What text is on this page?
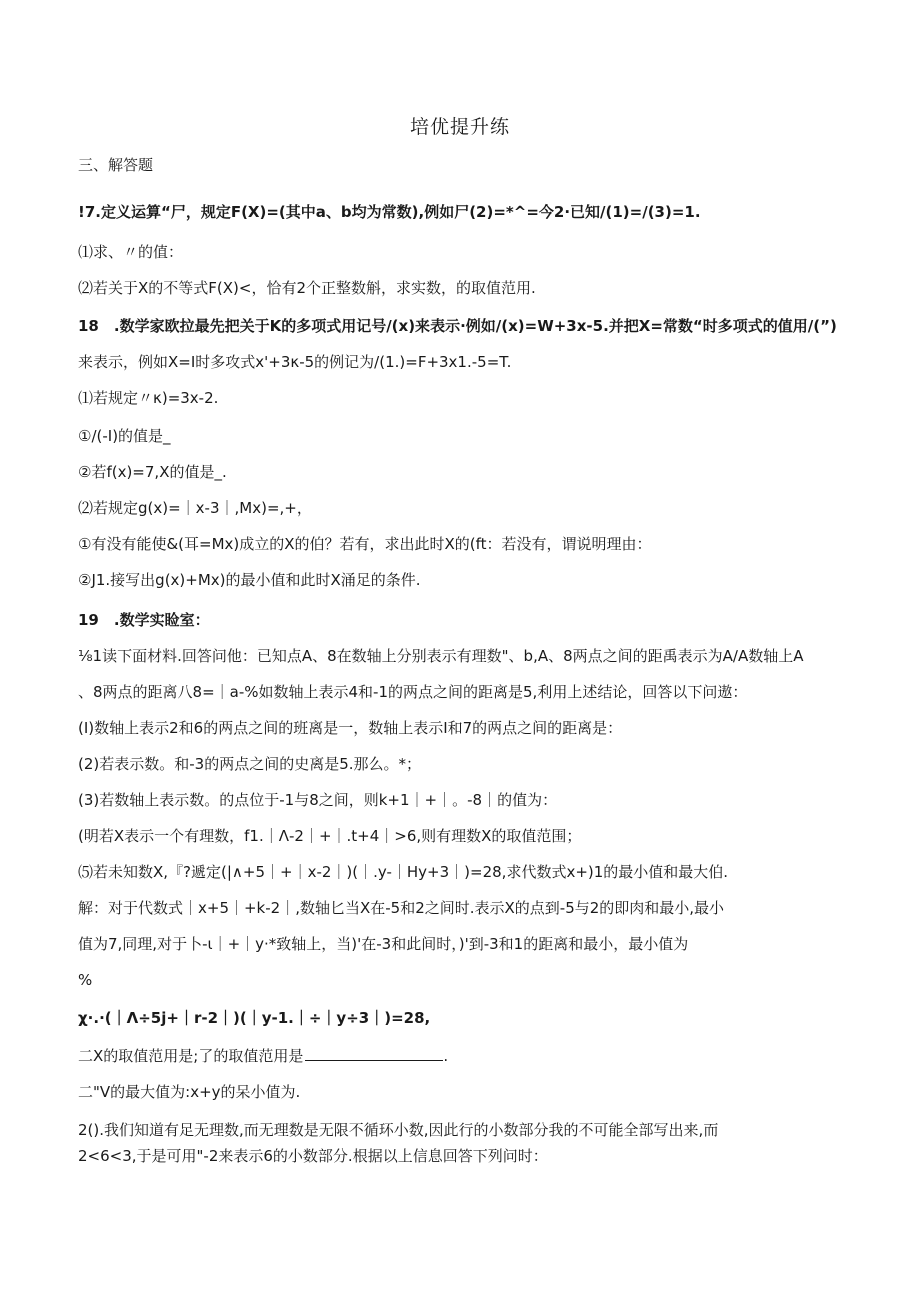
培优提升练
三、解答题
!7.定义运算“尸，规定F(X)=(其中a、b均为常数),例如尸(2)=*^=今2·已知/(1)=/(3)=1.
⑴求、〃的值：
⑵若关于X的不等式F(X)<，恰有2个正整数斛，求实数，的取值范用.
18　.数学家欧拉最先把关于K的多项式用记号/(x)来表示·例如/(x)=W+3x-5.并把X=常数“时多项式的值用/(”)
来表示，例如X=I时多攻式x'+3κ-5的例记为/(1.)=F+3x1.-5=T.
⑴若规定〃κ)=3x-2.
①/(-I)的值是_
②若f(x)=7,X的值是_.
⑵若规定g(x)=｜x-3｜,Mx)=,+，
①有没有能使&(耳=Mx)成立的X的伯？若有，求出此时X的(ft：若没有，谓说明理由：
②J1.接写出g(x)+Mx)的最小值和此时X涌足的条件.
19　.数学实睑室：
⅛1读下面材料.回答问他：已知点A、8在数轴上分别表示有理数"、b,A、8两点之间的距禹表示为A∕A数轴上A
、8两点的距离八8=｜a-%如数轴上表示4和-1的两点之间的距离是5,利用上述结论，回答以下问遨：
(I)数轴上表示2和6的两点之间的班离是一，数轴上表示I和7的两点之间的距离是：
(2)若表示数。和-3的两点之间的史离是5.那么。*；
(3)若数轴上表示数。的点位于-1与8之间，则k+1｜+｜。-8｜的值为：
(明若X表示一个有理数，f1.｜Λ-2｜+｜.t+4｜>6,则有理数X的取值范围；
⑸若未知数X,『?遞定(|∧+5｜+｜x-2｜)(｜.y-｜Hy+3｜)=28,求代数式x+)1的最小值和最大伯.
解：对于代数式｜x+5｜+k-2｜,数轴匕当X在-5和2之间时.表示X的点到-5与2的即肉和最小,最小
值为7,同理,对于卜-ι｜+｜y·*致轴上，当)'在-3和此间时，)'到-3和1的距离和最小，最小值为
%
χ·.·(｜Λ÷5j+｜r-2｜)(｜y-1.｜÷｜y÷3｜)=28,
二X的取值范用是;了的取值范用是	.
二"V的最大值为:x+y的呆小值为.
2().我们知道有足无理数,而无理数是无限不循环小数,因此行的小数部分我的不可能全部写出来,而
2<6<3,于是可用"-2来表示6的小数部分.根据以上信息回答下列问时：
